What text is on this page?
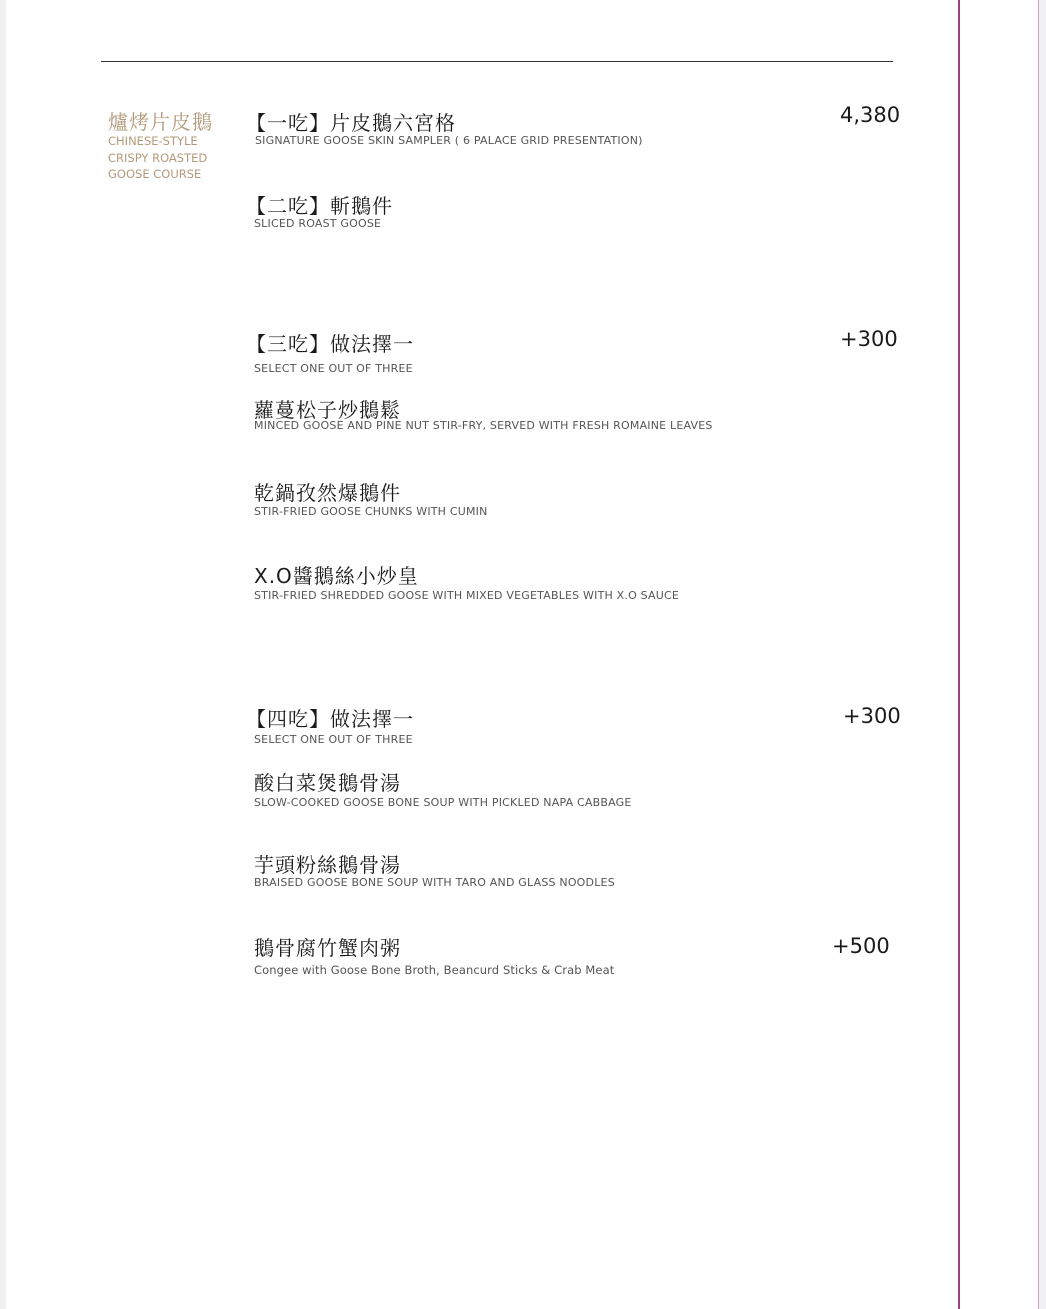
爐烤片皮鵝
CHINESE-STYLE
CRISPY ROASTED
GOOSE COURSE
【一吃】片皮鵝六宮格
SIGNATURE GOOSE SKIN SAMPLER ( 6 PALACE GRID PRESENTATION)
4,380
【二吃】斬鵝件
SLICED ROAST GOOSE
【三吃】做法擇一	+300
SELECT ONE OUT OF THREE
蘿蔓松子炒鵝鬆
MINCED GOOSE AND PINE NUT STIR-FRY, SERVED WITH FRESH ROMAINE LEAVES
乾鍋孜然爆鵝件
STIR-FRIED GOOSE CHUNKS WITH CUMIN
X.O醬鵝絲小炒皇
STIR-FRIED SHREDDED GOOSE WITH MIXED VEGETABLES WITH X.O SAUCE
【四吃】做法擇一	+300
SELECT ONE OUT OF THREE
酸白菜煲鵝骨湯
SLOW-COOKED GOOSE BONE SOUP WITH PICKLED NAPA CABBAGE
芋頭粉絲鵝骨湯
BRAISED GOOSE BONE SOUP WITH TARO AND GLASS NOODLES
鵝骨腐竹蟹肉粥
Congee with Goose Bone Broth, Beancurd Sticks & Crab Meat
+500
